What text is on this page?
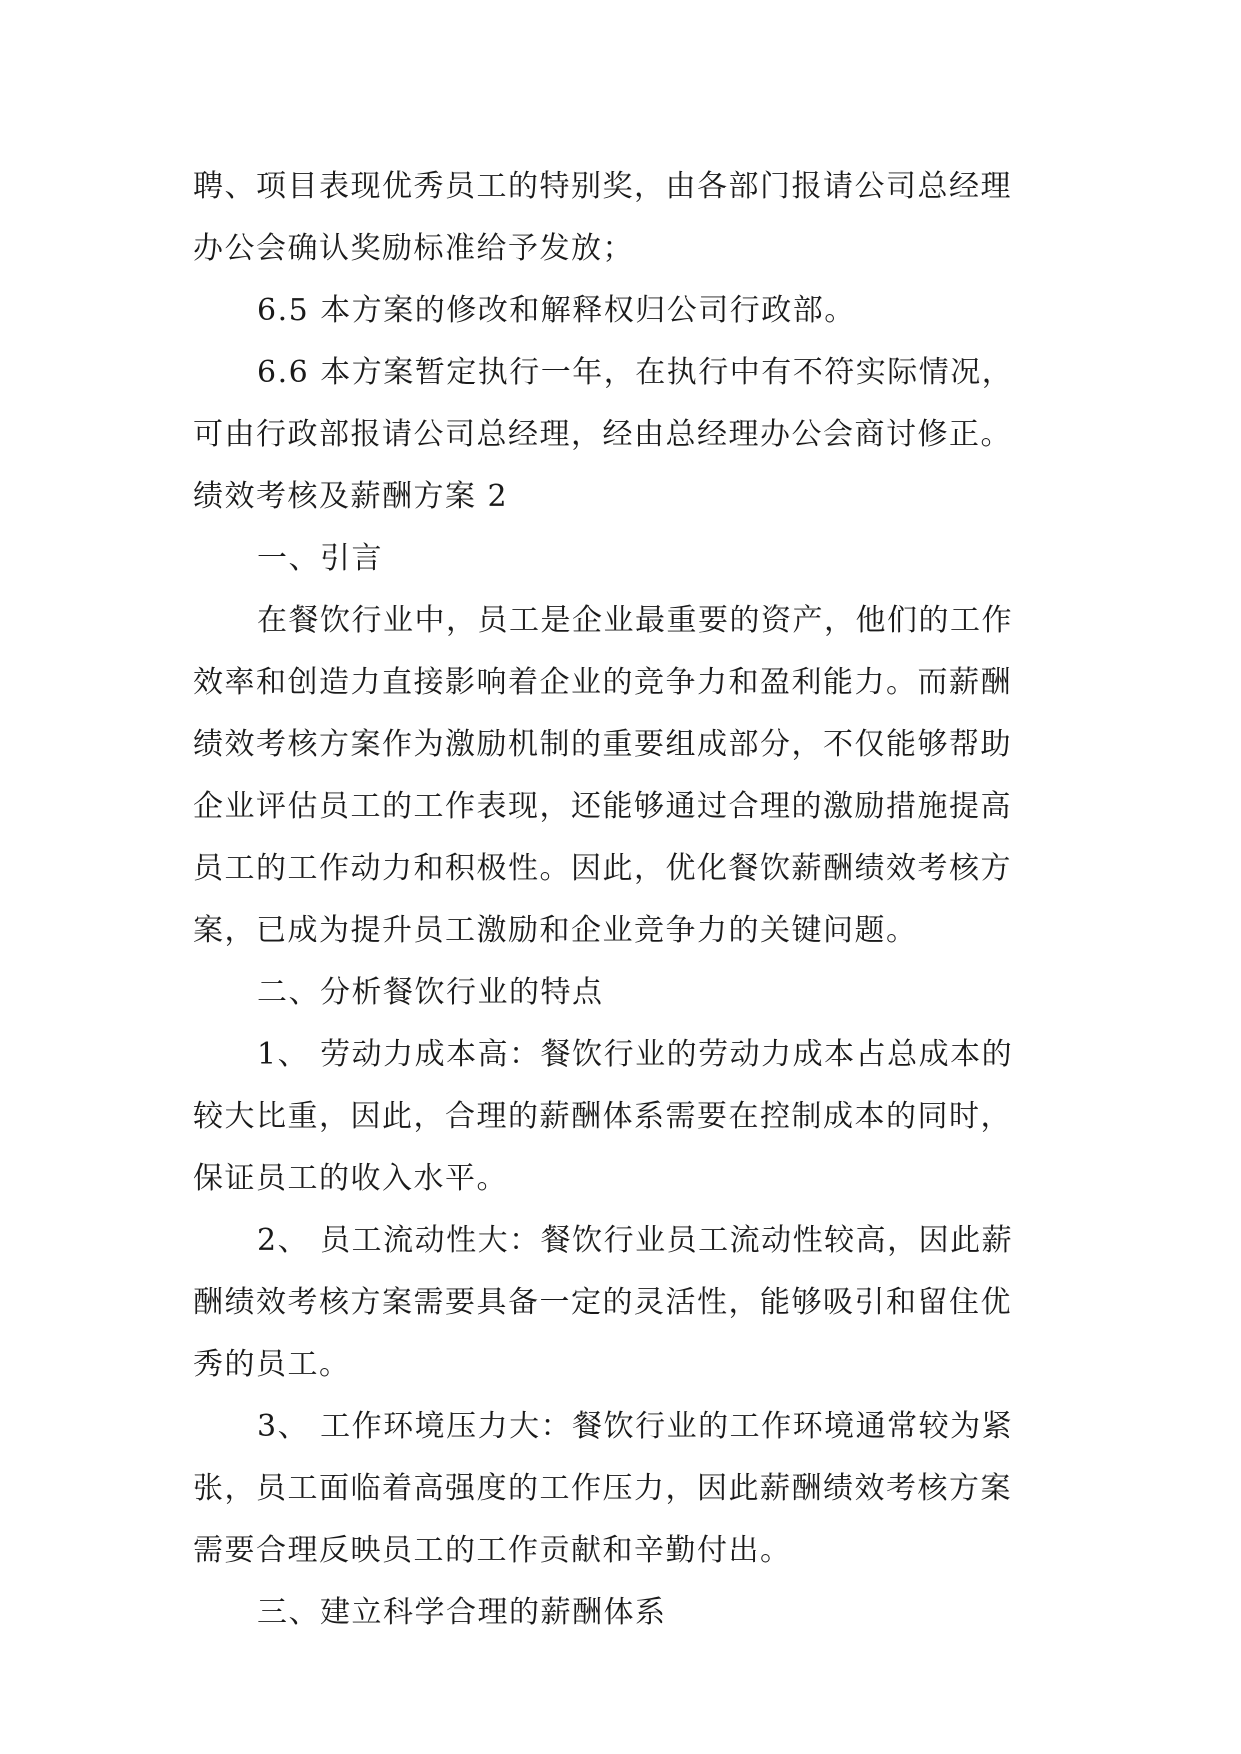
聘、项目表现优秀员工的特别奖，由各部门报请公司总经理
办公会确认奖励标准给予发放；
6.5 本方案的修改和解释权归公司行政部。
6.6 本方案暂定执行一年，在执行中有不符实际情况，
可由行政部报请公司总经理，经由总经理办公会商讨修正。
绩效考核及薪酬方案 2
一、引言
在餐饮行业中，员工是企业最重要的资产，他们的工作
效率和创造力直接影响着企业的竞争力和盈利能力。而薪酬
绩效考核方案作为激励机制的重要组成部分，不仅能够帮助
企业评估员工的工作表现，还能够通过合理的激励措施提高
员工的工作动力和积极性。因此，优化餐饮薪酬绩效考核方
案，已成为提升员工激励和企业竞争力的关键问题。
二、分析餐饮行业的特点
1、 劳动力成本高：餐饮行业的劳动力成本占总成本的
较大比重，因此，合理的薪酬体系需要在控制成本的同时，
保证员工的收入水平。
2、 员工流动性大：餐饮行业员工流动性较高，因此薪
酬绩效考核方案需要具备一定的灵活性，能够吸引和留住优
秀的员工。
3、 工作环境压力大：餐饮行业的工作环境通常较为紧
张，员工面临着高强度的工作压力，因此薪酬绩效考核方案
需要合理反映员工的工作贡献和辛勤付出。
三、建立科学合理的薪酬体系
